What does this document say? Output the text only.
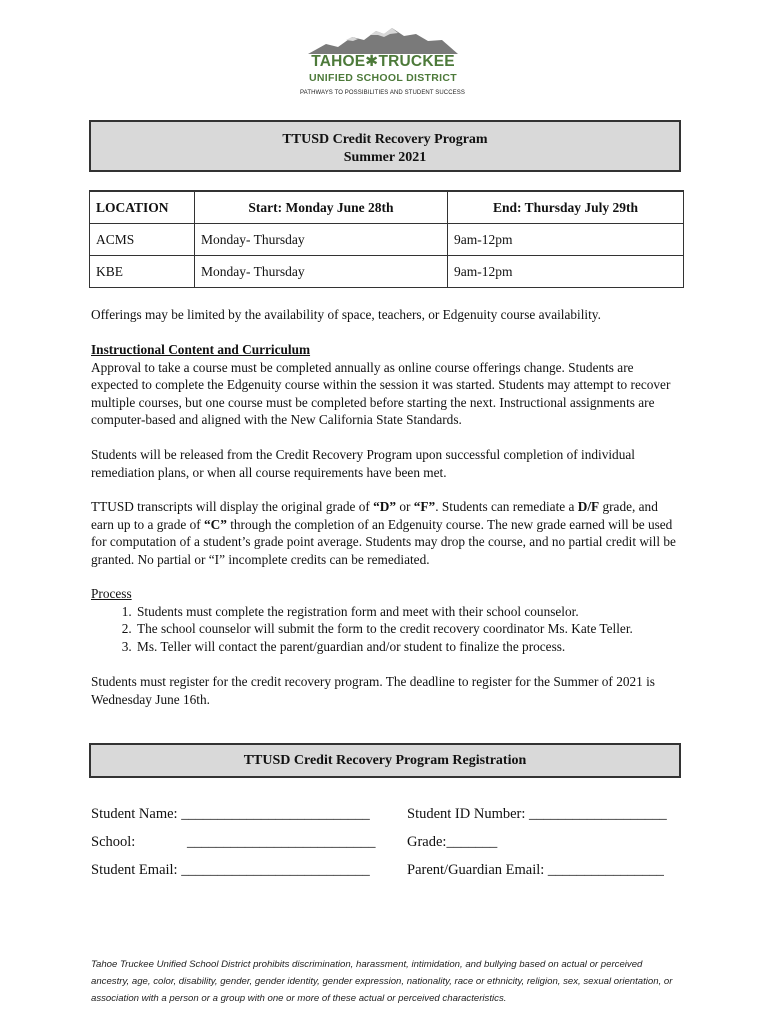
TAHOE✱TRUCKEE
UNIFIED SCHOOL DISTRICT
PATHWAYS TO POSSIBILITIES AND STUDENT SUCCESS
TTUSD Credit Recovery Program
Summer 2021
LOCATION	Start: Monday June 28th	End: Thursday July 29th
ACMS	Monday- Thursday	9am-12pm
KBE	Monday- Thursday	9am-12pm
Offerings may be limited by the availability of space, teachers, or Edgenuity course availability.
Instructional Content and Curriculum
Approval to take a course must be completed annually as online course offerings change. Students are expected to complete the Edgenuity course within the session it was started. Students may attempt to recover multiple courses, but one course must be completed before starting the next. Instructional assignments are computer-based and aligned with the New California State Standards.
Students will be released from the Credit Recovery Program upon successful completion of individual remediation plans, or when all course requirements have been met.
TTUSD transcripts will display the original grade of “D” or “F”. Students can remediate a D/F grade, and earn up to a grade of “C” through the completion of an Edgenuity course. The new grade earned will be used for computation of a student’s grade point average. Students may drop the course, and no partial credit will be granted. No partial or “I” incomplete credits can be remediated.
Process
1. Students must complete the registration form and meet with their school counselor.
2. The school counselor will submit the form to the credit recovery coordinator Ms. Kate Teller.
3. Ms. Teller will contact the parent/guardian and/or student to finalize the process.
Students must register for the credit recovery program. The deadline to register for the Summer of 2021 is Wednesday June 16th.
TTUSD Credit Recovery Program Registration
Student Name: __________________________	Student ID Number: ___________________
School:	__________________________ Grade:_______
Student Email: __________________________	Parent/Guardian Email: ________________
Tahoe Truckee Unified School District prohibits discrimination, harassment, intimidation, and bullying based on actual or perceived ancestry, age, color, disability, gender, gender identity, gender expression, nationality, race or ethnicity, religion, sex, sexual orientation, or association with a person or a group with one or more of these actual or perceived characteristics.
